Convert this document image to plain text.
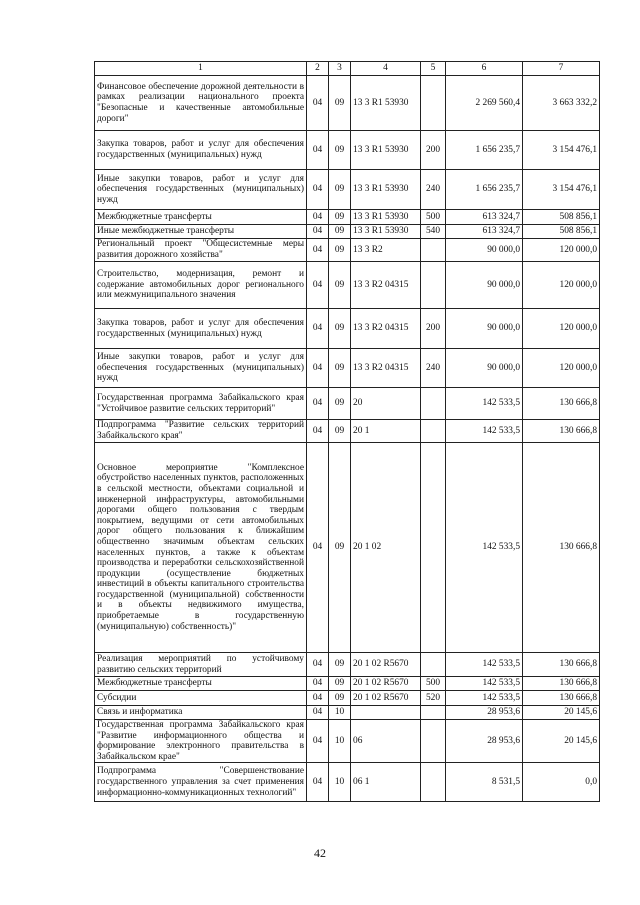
1	2	3	4	5	6	7
Финансовое обеспечение дорожной деятельности в рамках реализации национального проекта "Безопасные и качественные автомобильные дороги"	04	09	13 3 R1 53930		2 269 560,4	3 663 332,2
Закупка товаров, работ и услуг для обеспечения государственных (муниципальных) нужд	04	09	13 3 R1 53930	200	1 656 235,7	3 154 476,1
Иные закупки товаров, работ и услуг для обеспечения государственных (муниципальных) нужд	04	09	13 3 R1 53930	240	1 656 235,7	3 154 476,1
Межбюджетные трансферты	04	09	13 3 R1 53930	500	613 324,7	508 856,1
Иные межбюджетные трансферты	04	09	13 3 R1 53930	540	613 324,7	508 856,1
Региональный проект "Общесистемные меры развития дорожного хозяйства"	04	09	13 3 R2		90 000,0	120 000,0
Строительство, модернизация, ремонт и содержание автомобильных дорог регионального или межмуниципального значения	04	09	13 3 R2 04315		90 000,0	120 000,0
Закупка товаров, работ и услуг для обеспечения государственных (муниципальных) нужд	04	09	13 3 R2 04315	200	90 000,0	120 000,0
Иные закупки товаров, работ и услуг для обеспечения государственных (муниципальных) нужд	04	09	13 3 R2 04315	240	90 000,0	120 000,0
Государственная программа Забайкальского края "Устойчивое развитие сельских территорий"	04	09	20		142 533,5	130 666,8
Подпрограмма "Развитие сельских территорий Забайкальского края"	04	09	20 1		142 533,5	130 666,8
Основное мероприятие "Комплексное обустройство населенных пунктов, расположенных в сельской местности, объектами социальной и инженерной инфраструктуры, автомобильными дорогами общего пользования с твердым покрытием, ведущими от сети автомобильных дорог общего пользования к ближайшим общественно значимым объектам сельских населенных пунктов, а также к объектам производства и переработки сельскохозяйственной продукции (осуществление бюджетных инвестиций в объекты капитального строительства государственной (муниципальной) собственности и в объекты недвижимого имущества, приобретаемые в государственную (муниципальную) собственность)"	04	09	20 1 02		142 533,5	130 666,8
Реализация мероприятий по устойчивому развитию сельских территорий	04	09	20 1 02 R5670		142 533,5	130 666,8
Межбюджетные трансферты	04	09	20 1 02 R5670	500	142 533,5	130 666,8
Субсидии	04	09	20 1 02 R5670	520	142 533,5	130 666,8
Связь и информатика	04	10			28 953,6	20 145,6
Государственная программа Забайкальского края "Развитие информационного общества и формирование электронного правительства в Забайкальском крае"	04	10	06		28 953,6	20 145,6
Подпрограмма "Совершенствование государственного управления за счет применения информационно-коммуникационных технологий"	04	10	06 1		8 531,5	0,0
42
